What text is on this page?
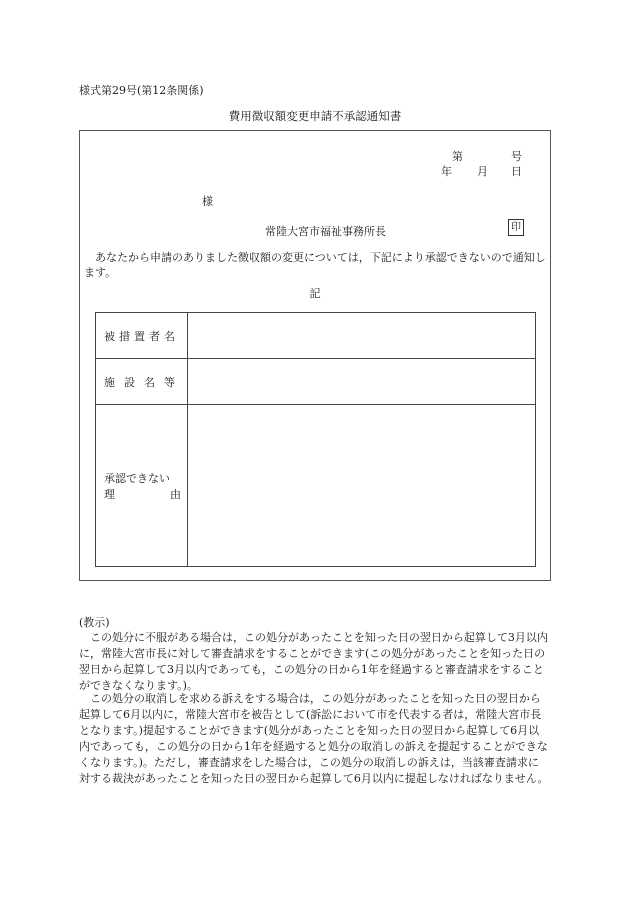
様式第29号(第12条関係)
費用徴収額変更申請不承認通知書
第	号
年 月 日
様
常陸大宮市福祉事務所長	印
あなたから申請のありました徴収額の変更については，下記により承認できないので通知します。
記
被措置者名	
施設名等	

承認できない
理 由	

(教示)
この処分に不服がある場合は，この処分があったことを知った日の翌日から起算して3月以内に，常陸大宮市長に対して審査請求をすることができます(この処分があったことを知った日の翌日から起算して3月以内であっても，この処分の日から1年を経過すると審査請求をすることができなくなります。)。
この処分の取消しを求める訴えをする場合は，この処分があったことを知った日の翌日から起算して6月以内に，常陸大宮市を被告として(訴訟において市を代表する者は，常陸大宮市長となります。)提起することができます(処分があったことを知った日の翌日から起算して6月以内であっても，この処分の日から1年を経過すると処分の取消しの訴えを提起することができなくなります。)。ただし，審査請求をした場合は，この処分の取消しの訴えは，当該審査請求に対する裁決があったことを知った日の翌日から起算して6月以内に提起しなければなりません。
